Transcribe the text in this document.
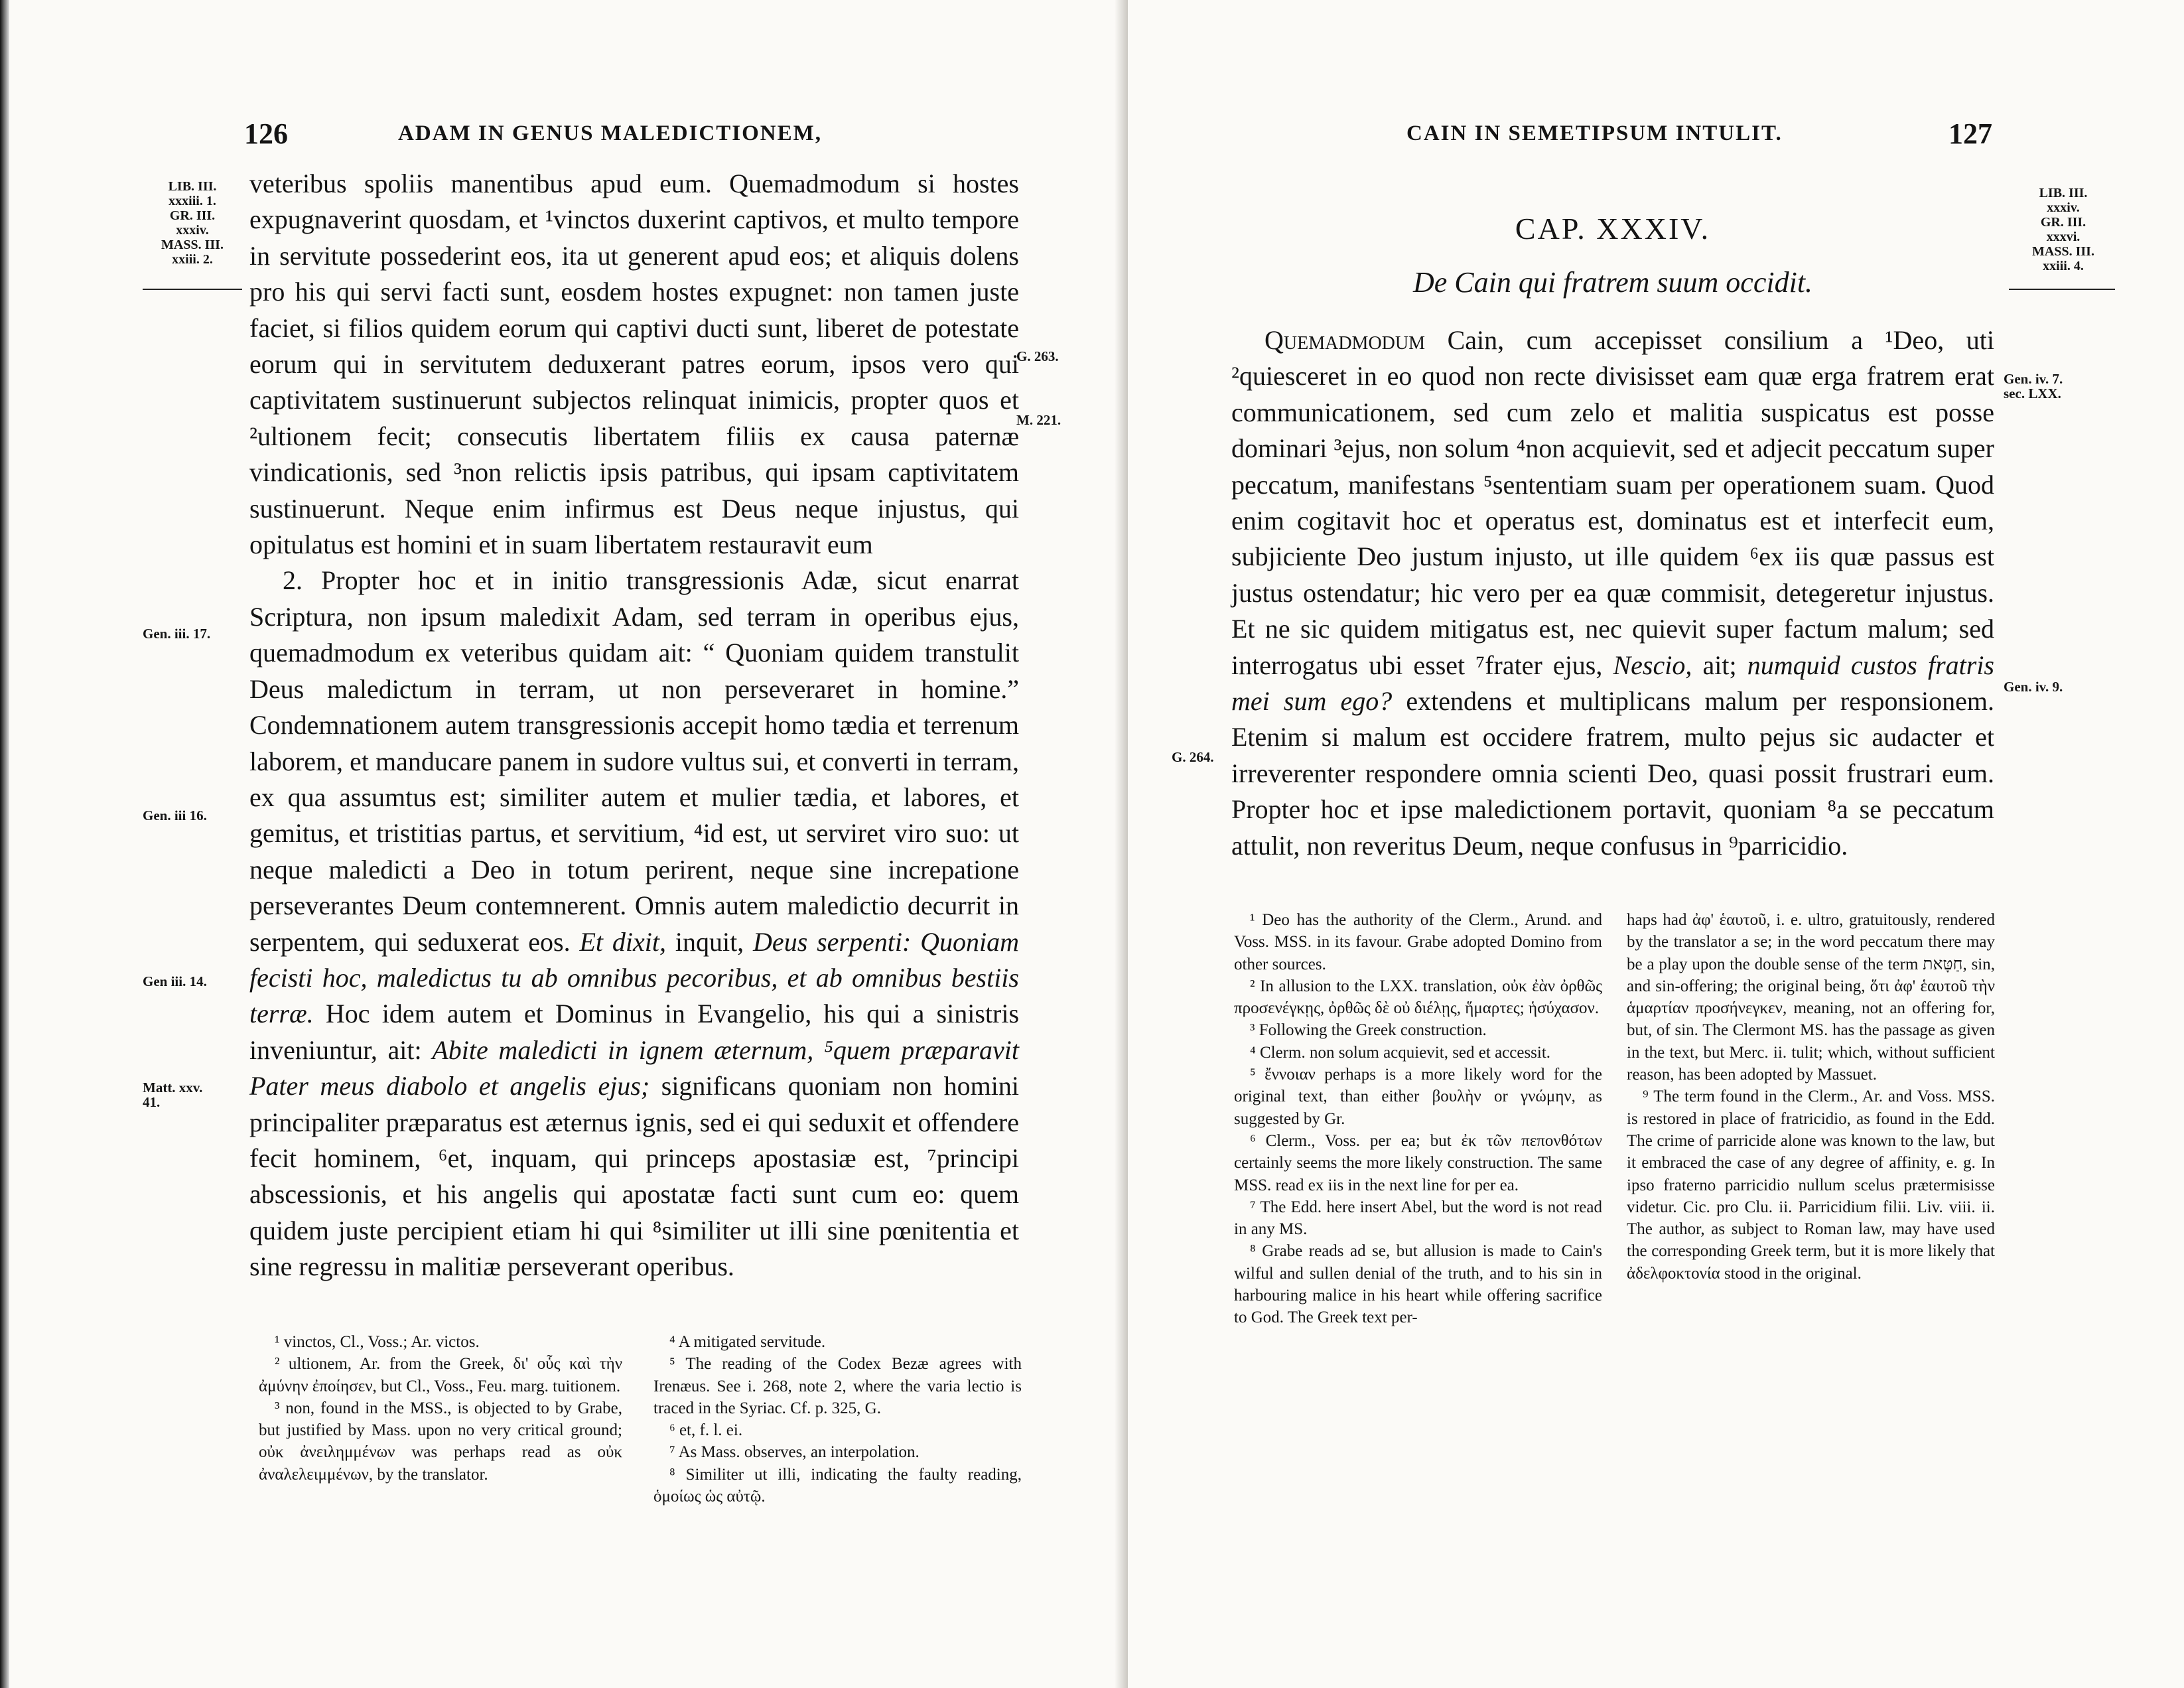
126	ADAM IN GENUS MALEDICTIONEM,
LIB. III.
xxxiii. 1.
GR. III.
xxxiv.
MASS. III.
xxiii. 2.

veteribus spoliis manentibus apud eum. Quemadmodum si hostes expugnaverint quosdam, et ¹vinctos duxerint captivos, et multo tempore in servitute possederint eos, ita ut generent apud eos; et aliquis dolens pro his qui servi facti sunt, eosdem hostes expugnet: non tamen juste faciet, si filios quidem eorum qui captivi ducti sunt, liberet de potestate eorum qui in servitutem deduxerant patres eorum, ipsos vero qui captivitatem sustinuerunt subjectos relinquat inimicis, propter quos et ²ultionem fecit; consecutis libertatem filiis ex causa paternæ vindicationis, sed ³non relictis ipsis patribus, qui ipsam captivitatem sustinuerunt. Neque enim infirmus est Deus neque injustus, qui opitulatus est homini et in suam libertatem restauravit eum

2. Propter hoc et in initio transgressionis Adæ, sicut enarrat Scriptura, non ipsum maledixit Adam, sed terram in operibus ejus, quemadmodum ex veteribus quidam ait: “ Quoniam quidem transtulit Deus maledictum in terram, ut non perseveraret in homine.” Condemnationem autem transgressionis accepit homo tædia et terrenum laborem, et manducare panem in sudore vultus sui, et converti in terram, ex qua assumtus est; similiter autem et mulier tædia, et labores, et gemitus, et tristitias partus, et servitium, ⁴id est, ut serviret viro suo: ut neque maledicti a Deo in totum perirent, neque sine increpatione perseverantes Deum contemnerent. Omnis autem maledictio decurrit in serpentem, qui seduxerat eos. Et dixit, inquit, Deus serpenti: Quoniam fecisti hoc, maledictus tu ab omnibus pecoribus, et ab omnibus bestiis terræ. Hoc idem autem et Dominus in Evangelio, his qui a sinistris inveniuntur, ait: Abite maledicti in ignem æternum, ⁵quem præparavit Pater meus diabolo et angelis ejus; significans quoniam non homini principaliter præparatus est æternus ignis, sed ei qui seduxit et offendere fecit hominem, ⁶et, inquam, qui princeps apostasiæ est, ⁷principi abscessionis, et his angelis qui apostatæ facti sunt cum eo: quem quidem juste percipient etiam hi qui ⁸similiter ut illi sine pœnitentia et sine regressu in malitiæ perseverant operibus.

G. 263.
M. 221.
Gen. iii. 17.
Gen. iii 16.
Gen iii. 14.
Matt. xxv.
41.

¹ vinctos, Cl., Voss.; Ar. victos.

² ultionem, Ar. from the Greek, δι' οὗς καὶ τὴν ἀμύνην ἐποίησεν, but Cl., Voss., Feu. marg. tuitionem.

³ non, found in the MSS., is objected to by Grabe, but justified by Mass. upon no very critical ground; οὐκ ἀνειλημμένων was perhaps read as οὐκ ἀναλελειμμένων, by the translator.

⁴ A mitigated servitude.

⁵ The reading of the Codex Bezæ agrees with Irenæus. See i. 268, note 2, where the varia lectio is traced in the Syriac. Cf. p. 325, G.

⁶ et, f. l. ei.

⁷ As Mass. observes, an interpolation.

⁸ Similiter ut illi, indicating the faulty reading, ὁμοίως ὡς αὐτῷ.

CAIN IN SEMETIPSUM INTULIT.	127
LIB. III.
xxxiv.
GR. III.
xxxvi.
MASS. III.
xxiii. 4.
CAP. XXXIV.
De Cain qui fratrem suum occidit.

Quemadmodum Cain, cum accepisset consilium a ¹Deo, uti ²quiesceret in eo quod non recte divisisset eam quæ erga fratrem erat communicationem, sed cum zelo et malitia suspicatus est posse dominari ³ejus, non solum ⁴non acquievit, sed et adjecit peccatum super peccatum, manifestans ⁵sententiam suam per operationem suam. Quod enim cogitavit hoc et operatus est, dominatus est et interfecit eum, subjiciente Deo justum injusto, ut ille quidem ⁶ex iis quæ passus est justus ostendatur; hic vero per ea quæ commisit, detegeretur injustus. Et ne sic quidem mitigatus est, nec quievit super factum malum; sed interrogatus ubi esset ⁷frater ejus, Nescio, ait; numquid custos fratris mei sum ego? extendens et multiplicans malum per responsionem. Etenim si malum est occidere fratrem, multo pejus sic audacter et irreverenter respondere omnia scienti Deo, quasi possit frustrari eum. Propter hoc et ipse maledictionem portavit, quoniam ⁸a se peccatum attulit, non reveritus Deum, neque confusus in ⁹parricidio.

Gen. iv. 7.
sec. LXX.
Gen. iv. 9.
G. 264.

¹ Deo has the authority of the Clerm., Arund. and Voss. MSS. in its favour. Grabe adopted Domino from other sources.

² In allusion to the LXX. translation, οὐκ ἐὰν ὀρθῶς προσενέγκῃς, ὀρθῶς δὲ οὐ διέλῃς, ἥμαρτες; ἡσύχασον.

³ Following the Greek construction.

⁴ Clerm. non solum acquievit, sed et accessit.

⁵ ἔννοιαν perhaps is a more likely word for the original text, than either βουλὴν or γνώμην, as suggested by Gr.

⁶ Clerm., Voss. per ea; but ἐκ τῶν πεπονθότων certainly seems the more likely construction. The same MSS. read ex iis in the next line for per ea.

⁷ The Edd. here insert Abel, but the word is not read in any MS.

⁸ Grabe reads ad se, but allusion is made to Cain's wilful and sullen denial of the truth, and to his sin in harbouring malice in his heart while offering sacrifice to God. The Greek text per-

haps had ἀφ' ἑαυτοῦ, i. e. ultro, gratuitously, rendered by the translator a se; in the word peccatum there may be a play upon the double sense of the term חַטָּאת, sin, and sin-offering; the original being, ὅτι ἀφ' ἑαυτοῦ τὴν ἁμαρτίαν προσήνεγκεν, meaning, not an offering for, but, of sin. The Clermont MS. has the passage as given in the text, but Merc. ii. tulit; which, without sufficient reason, has been adopted by Massuet.

⁹ The term found in the Clerm., Ar. and Voss. MSS. is restored in place of fratricidio, as found in the Edd. The crime of parricide alone was known to the law, but it embraced the case of any degree of affinity, e. g. In ipso fraterno parricidio nullum scelus prætermisisse videtur. Cic. pro Clu. ii. Parricidium filii. Liv. viii. ii. The author, as subject to Roman law, may have used the corresponding Greek term, but it is more likely that ἀδελφοκτονία stood in the original.
